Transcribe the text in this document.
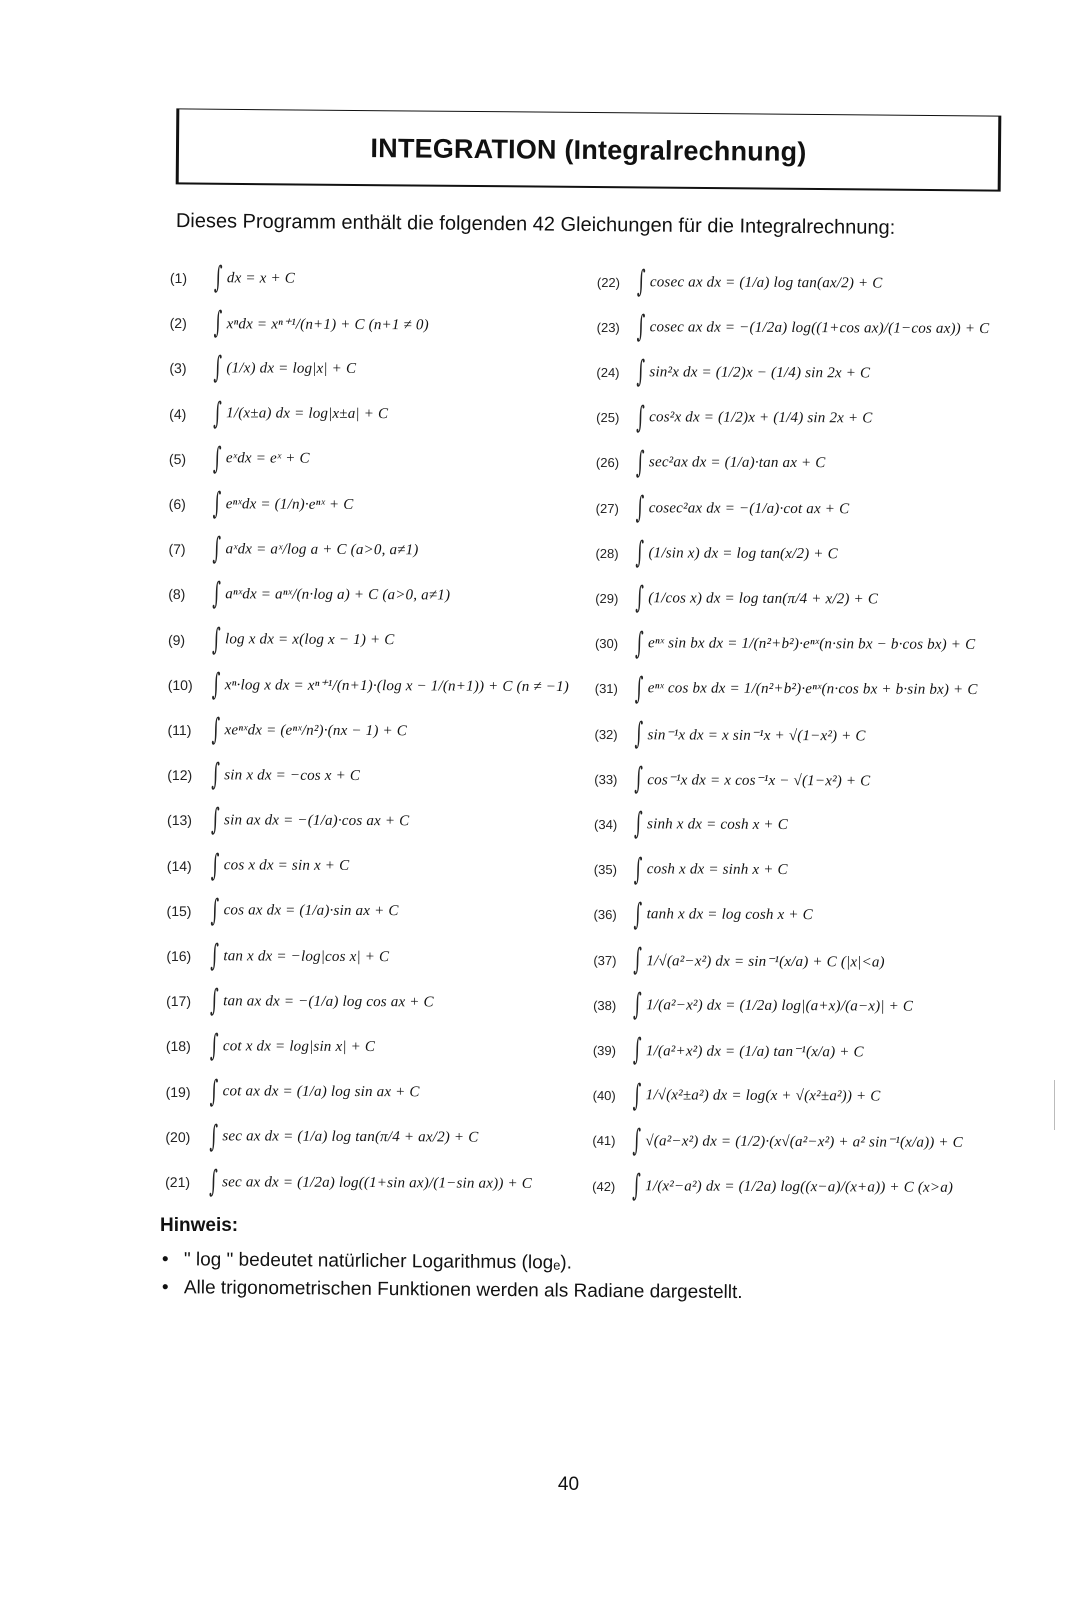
INTEGRATION (Integralrechnung)
Dieses Programm enthält die folgenden 42 Gleichungen für die Integralrechnung:
(1) ∫ dx = x + C
(2) ∫ xⁿdx = xⁿ⁺¹/(n+1) + C (n+1 ≠ 0)
(3) ∫ (1/x) dx = log|x| + C
(4) ∫ 1/(x±a) dx = log|x±a| + C
(5) ∫ eˣdx = eˣ + C
(6) ∫ eⁿˣdx = (1/n)·eⁿˣ + C
(7) ∫ aˣdx = aˣ/log a + C (a>0, a≠1)
(8) ∫ aⁿˣdx = aⁿˣ/(n·log a) + C (a>0, a≠1)
(9) ∫ log x dx = x(log x − 1) + C
(10) ∫ xⁿ·log x dx = xⁿ⁺¹/(n+1)·(log x − 1/(n+1)) + C (n ≠ −1)
(11) ∫ xeⁿˣdx = (eⁿˣ/n²)·(nx − 1) + C
(12) ∫ sin x dx = −cos x + C
(13) ∫ sin ax dx = −(1/a)·cos ax + C
(14) ∫ cos x dx = sin x + C
(15) ∫ cos ax dx = (1/a)·sin ax + C
(16) ∫ tan x dx = −log|cos x| + C
(17) ∫ tan ax dx = −(1/a) log cos ax + C
(18) ∫ cot x dx = log|sin x| + C
(19) ∫ cot ax dx = (1/a) log sin ax + C
(20) ∫ sec ax dx = (1/a) log tan(π/4 + ax/2) + C
(21) ∫ sec ax dx = (1/2a) log((1+sin ax)/(1−sin ax)) + C
(22) ∫ cosec ax dx = (1/a) log tan(ax/2) + C
(23) ∫ cosec ax dx = −(1/2a) log((1+cos ax)/(1−cos ax)) + C
(24) ∫ sin²x dx = (1/2)x − (1/4) sin 2x + C
(25) ∫ cos²x dx = (1/2)x + (1/4) sin 2x + C
(26) ∫ sec²ax dx = (1/a)·tan ax + C
(27) ∫ cosec²ax dx = −(1/a)·cot ax + C
(28) ∫ (1/sin x) dx = log tan(x/2) + C
(29) ∫ (1/cos x) dx = log tan(π/4 + x/2) + C
(30) ∫ eⁿˣ sin bx dx = 1/(n²+b²)·eⁿˣ(n·sin bx − b·cos bx) + C
(31) ∫ eⁿˣ cos bx dx = 1/(n²+b²)·eⁿˣ(n·cos bx + b·sin bx) + C
(32) ∫ sin⁻¹x dx = x sin⁻¹x + √(1−x²) + C
(33) ∫ cos⁻¹x dx = x cos⁻¹x − √(1−x²) + C
(34) ∫ sinh x dx = cosh x + C
(35) ∫ cosh x dx = sinh x + C
(36) ∫ tanh x dx = log cosh x + C
(37) ∫ 1/√(a²−x²) dx = sin⁻¹(x/a) + C (|x|<a)
(38) ∫ 1/(a²−x²) dx = (1/2a) log|(a+x)/(a−x)| + C
(39) ∫ 1/(a²+x²) dx = (1/a) tan⁻¹(x/a) + C
(40) ∫ 1/√(x²±a²) dx = log(x + √(x²±a²)) + C
(41) ∫ √(a²−x²) dx = (1/2)·(x√(a²−x²) + a² sin⁻¹(x/a)) + C
(42) ∫ 1/(x²−a²) dx = (1/2a) log((x−a)/(x+a)) + C (x>a)
Hinweis:
• " log " bedeutet natürlicher Logarithmus (logₑ).
• Alle trigonometrischen Funktionen werden als Radiane dargestellt.
40
